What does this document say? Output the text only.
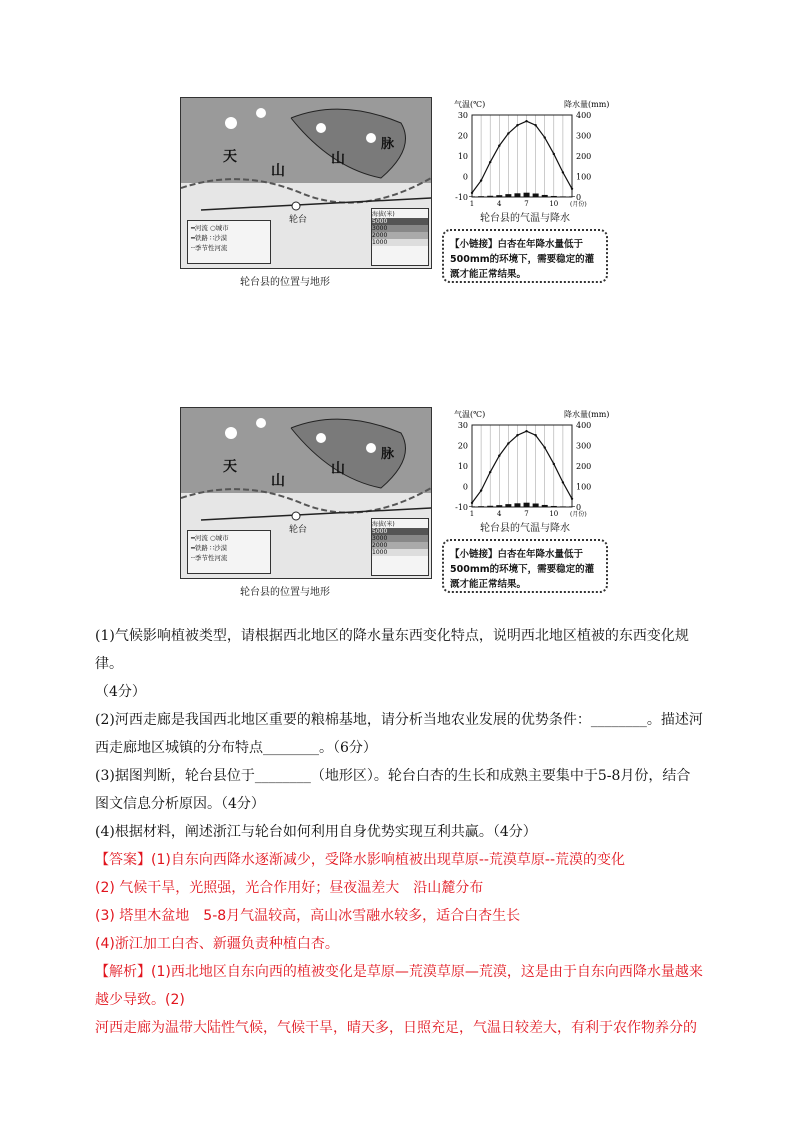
天
山
山
脉
轮台
━河流 ○城市
━铁路 ∷沙漠
┄季节性河流
海拔(米)
5000
3000
2000
1000
轮台县的位置与地形
气温(℃)	降水量(mm)
30
20
10
0
-10
400
300
200
100
0
1	4	7	10 (月份)
轮台县的气温与降水
【小链接】白杏在年降水量低于500mm的环境下，需要稳定的灌溉才能正常结果。
天
山
山
脉
轮台
━河流 ○城市
━铁路 ∷沙漠
┄季节性河流
海拔(米)
5000
3000
2000
1000
轮台县的位置与地形
气温(℃)	降水量(mm)
30
20
10
0
-10
400
300
200
100
0
1	4	7	10 (月份)
轮台县的气温与降水
【小链接】白杏在年降水量低于500mm的环境下，需要稳定的灌溉才能正常结果。

(1)气候影响植被类型，请根据西北地区的降水量东西变化特点，说明西北地区植被的东西变化规律。

（4分）

(2)河西走廊是我国西北地区重要的粮棉基地，请分析当地农业发展的优势条件：________。描述河

西走廊地区城镇的分布特点________。（6分）

(3)据图判断，轮台县位于________（地形区）。轮台白杏的生长和成熟主要集中于5-8月份，结合

图文信息分析原因。（4分）

(4)根据材料，阐述浙江与轮台如何利用自身优势实现互利共赢。（4分）

【答案】(1)自东向西降水逐渐减少，受降水影响植被出现草原--荒漠草原--荒漠的变化

(2) 气候干旱，光照强，光合作用好；昼夜温差大　沿山麓分布

(3) 塔里木盆地　5-8月气温较高，高山冰雪融水较多，适合白杏生长

(4)浙江加工白杏、新疆负责种植白杏。

【解析】(1)西北地区自东向西的植被变化是草原—荒漠草原—荒漠，这是由于自东向西降水量越来

越少导致。(2)

河西走廊为温带大陆性气候，气候干旱，晴天多，日照充足，气温日较差大，有利于农作物养分的
